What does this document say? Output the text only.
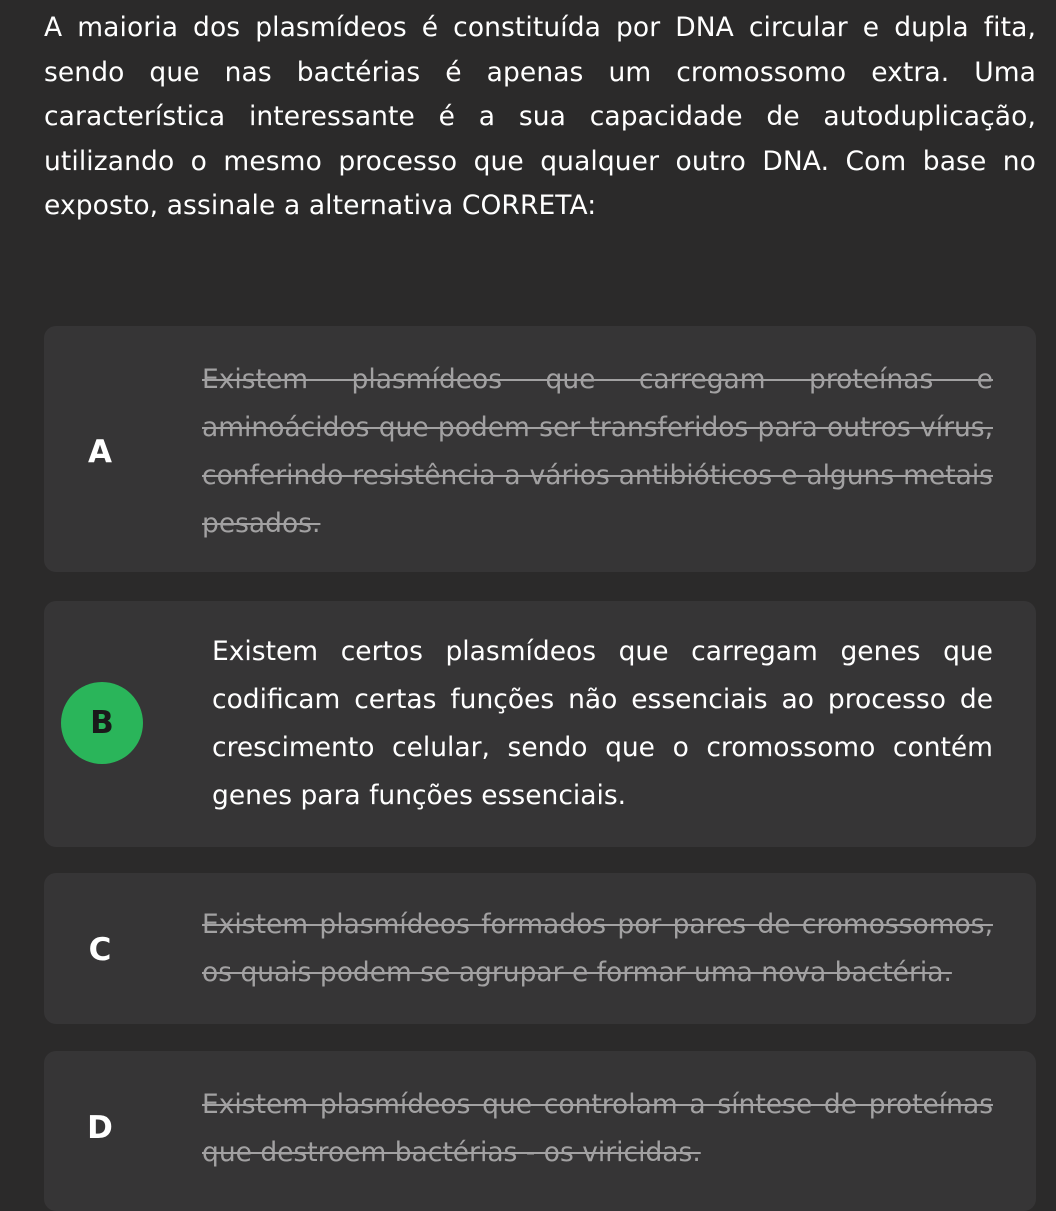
A maioria dos plasmídeos é constituída por DNA circular e dupla fita, sendo que nas bactérias é apenas um cromossomo extra. Uma característica interessante é a sua capacidade de autoduplicação, utilizando o mesmo processo que qualquer outro DNA. Com base no exposto, assinale a alternativa CORRETA:

A

Existem plasmídeos que carregam proteínas e aminoácidos que podem ser transferidos para outros vírus, conferindo resistência a vários antibióticos e alguns metais pesados.

B

Existem certos plasmídeos que carregam genes que codificam certas funções não essenciais ao processo de crescimento celular, sendo que o cromossomo contém genes para funções essenciais.

C

Existem plasmídeos formados por pares de cromossomos, os quais podem se agrupar e formar uma nova bactéria.

D

Existem plasmídeos que controlam a síntese de proteínas que destroem bactérias - os viricidas.
